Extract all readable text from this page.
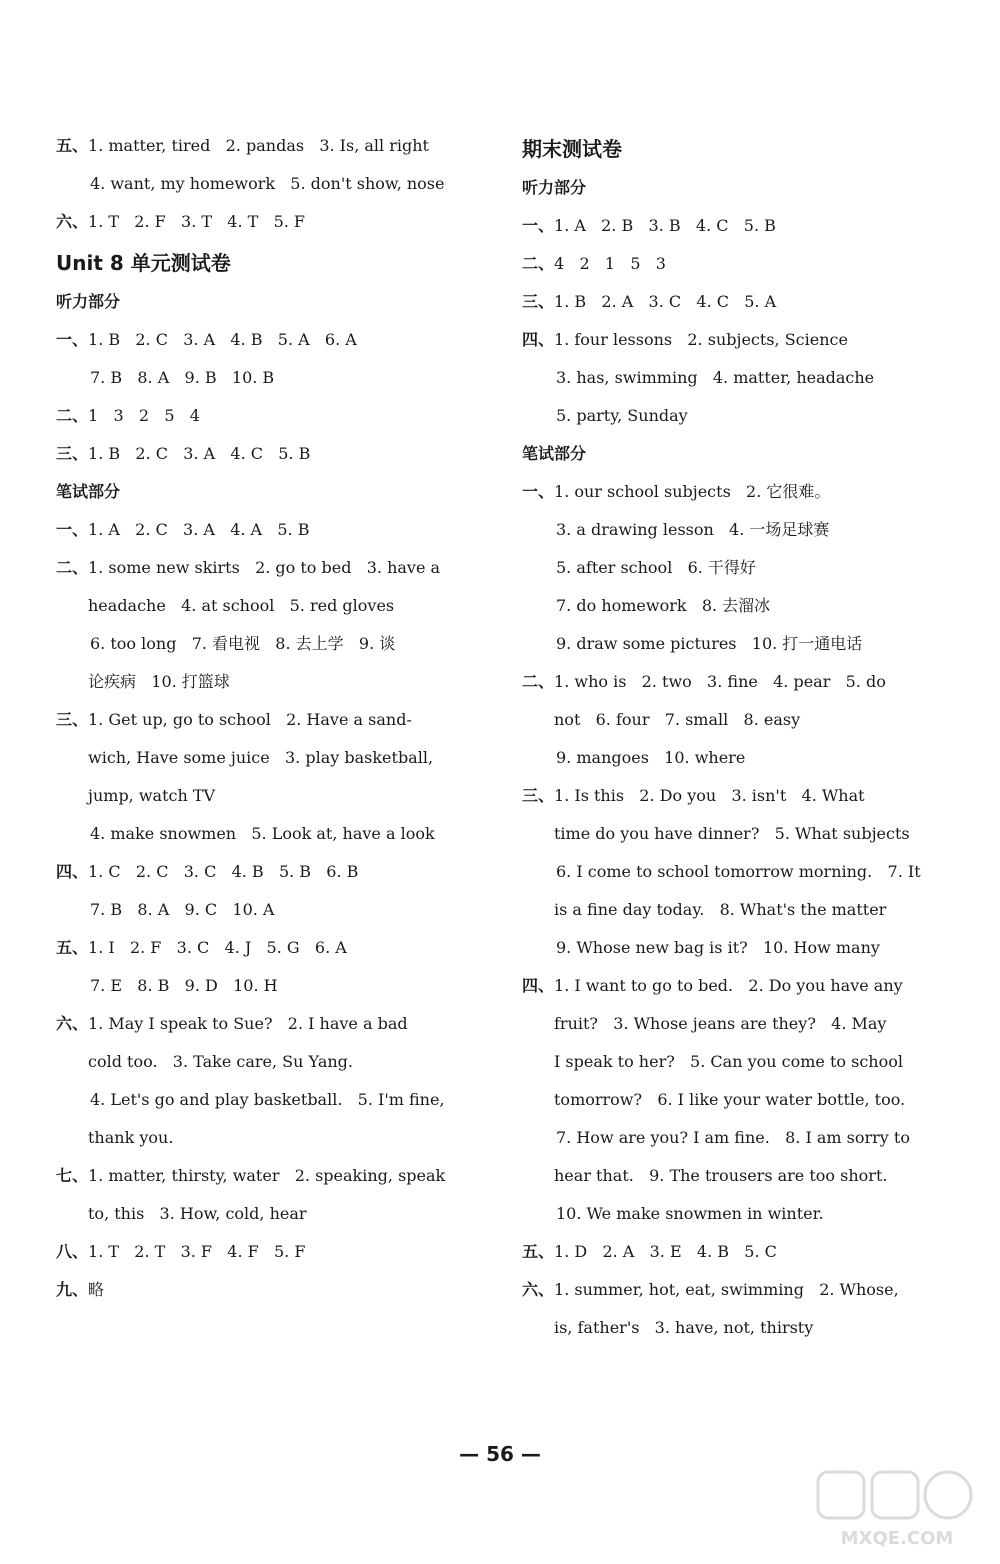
五、1. matter, tired   2. pandas   3. Is, all right
4. want, my homework   5. don't show, nose
六、1. T   2. F   3. T   4. T   5. F
Unit 8 单元测试卷
听力部分
一、1. B   2. C   3. A   4. B   5. A   6. A
7. B   8. A   9. B   10. B
二、1   3   2   5   4
三、1. B   2. C   3. A   4. C   5. B
笔试部分
一、1. A   2. C   3. A   4. A   5. B
二、1. some new skirts   2. go to bed   3. have a
headache   4. at school   5. red gloves
6. too long   7. 看电视   8. 去上学   9. 谈
论疾病   10. 打篮球
三、1. Get up, go to school   2. Have a sand-
wich, Have some juice   3. play basketball,
jump, watch TV
4. make snowmen   5. Look at, have a look
四、1. C   2. C   3. C   4. B   5. B   6. B
7. B   8. A   9. C   10. A
五、1. I   2. F   3. C   4. J   5. G   6. A
7. E   8. B   9. D   10. H
六、1. May I speak to Sue?   2. I have a bad
cold too.   3. Take care, Su Yang.
4. Let's go and play basketball.   5. I'm fine,
thank you.
七、1. matter, thirsty, water   2. speaking, speak
to, this   3. How, cold, hear
八、1. T   2. T   3. F   4. F   5. F
九、略
期末测试卷
听力部分
一、1. A   2. B   3. B   4. C   5. B
二、4   2   1   5   3
三、1. B   2. A   3. C   4. C   5. A
四、1. four lessons   2. subjects, Science
3. has, swimming   4. matter, headache
5. party, Sunday
笔试部分
一、1. our school subjects   2. 它很难。
3. a drawing lesson   4. 一场足球赛
5. after school   6. 干得好
7. do homework   8. 去溜冰
9. draw some pictures   10. 打一通电话
二、1. who is   2. two   3. fine   4. pear   5. do
not   6. four   7. small   8. easy
9. mangoes   10. where
三、1. Is this   2. Do you   3. isn't   4. What
time do you have dinner?   5. What subjects
6. I come to school tomorrow morning.   7. It
is a fine day today.   8. What's the matter
9. Whose new bag is it?   10. How many
四、1. I want to go to bed.   2. Do you have any
fruit?   3. Whose jeans are they?   4. May
I speak to her?   5. Can you come to school
tomorrow?   6. I like your water bottle, too.
7. How are you? I am fine.   8. I am sorry to
hear that.   9. The trousers are too short.
10. We make snowmen in winter.
五、1. D   2. A   3. E   4. B   5. C
六、1. summer, hot, eat, swimming   2. Whose,
is, father's   3. have, not, thirsty
— 56 —
MXQE.COM
